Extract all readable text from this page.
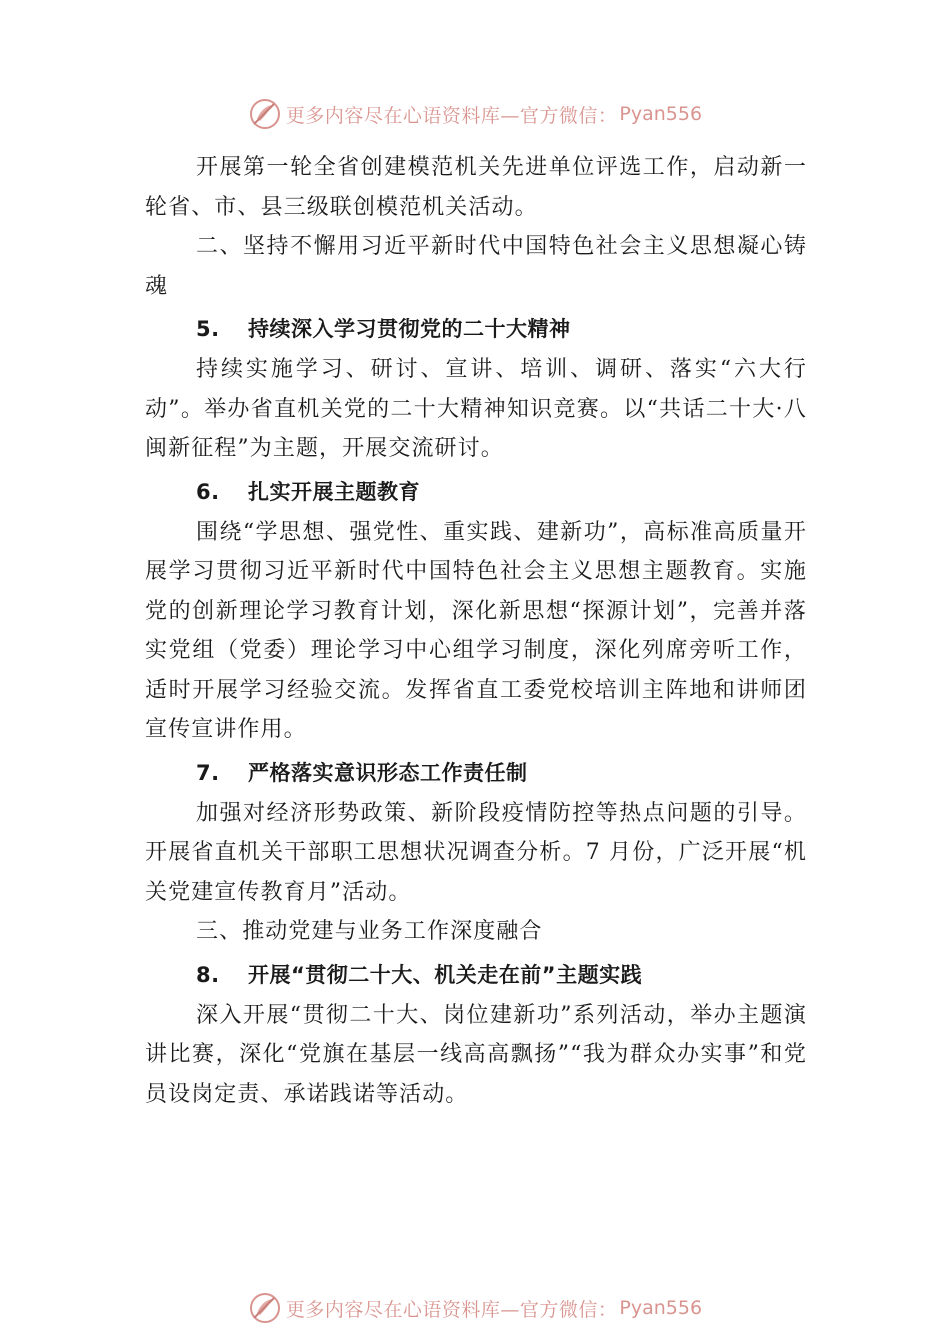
更多内容尽在心语资料库—官方微信： Pyan556

开展第一轮全省创建模范机关先进单位评选工作，启动新一轮省、市、县三级联创模范机关活动。

二、坚持不懈用习近平新时代中国特色社会主义思想凝心铸魂

5. 持续深入学习贯彻党的二十大精神

持续实施学习、研讨、宣讲、培训、调研、落实“六大行动”。举办省直机关党的二十大精神知识竞赛。以“共话二十大·八闽新征程”为主题，开展交流研讨。

6. 扎实开展主题教育

围绕“学思想、强党性、重实践、建新功”，高标准高质量开展学习贯彻习近平新时代中国特色社会主义思想主题教育。实施党的创新理论学习教育计划，深化新思想“探源计划”，完善并落实党组（党委）理论学习中心组学习制度，深化列席旁听工作，适时开展学习经验交流。发挥省直工委党校培训主阵地和讲师团宣传宣讲作用。

7. 严格落实意识形态工作责任制

加强对经济形势政策、新阶段疫情防控等热点问题的引导。开展省直机关干部职工思想状况调查分析。7 月份，广泛开展“机关党建宣传教育月”活动。

三、推动党建与业务工作深度融合

8. 开展“贯彻二十大、机关走在前”主题实践

深入开展“贯彻二十大、岗位建新功”系列活动，举办主题演讲比赛，深化“党旗在基层一线高高飘扬”“我为群众办实事”和党员设岗定责、承诺践诺等活动。

更多内容尽在心语资料库—官方微信： Pyan556
